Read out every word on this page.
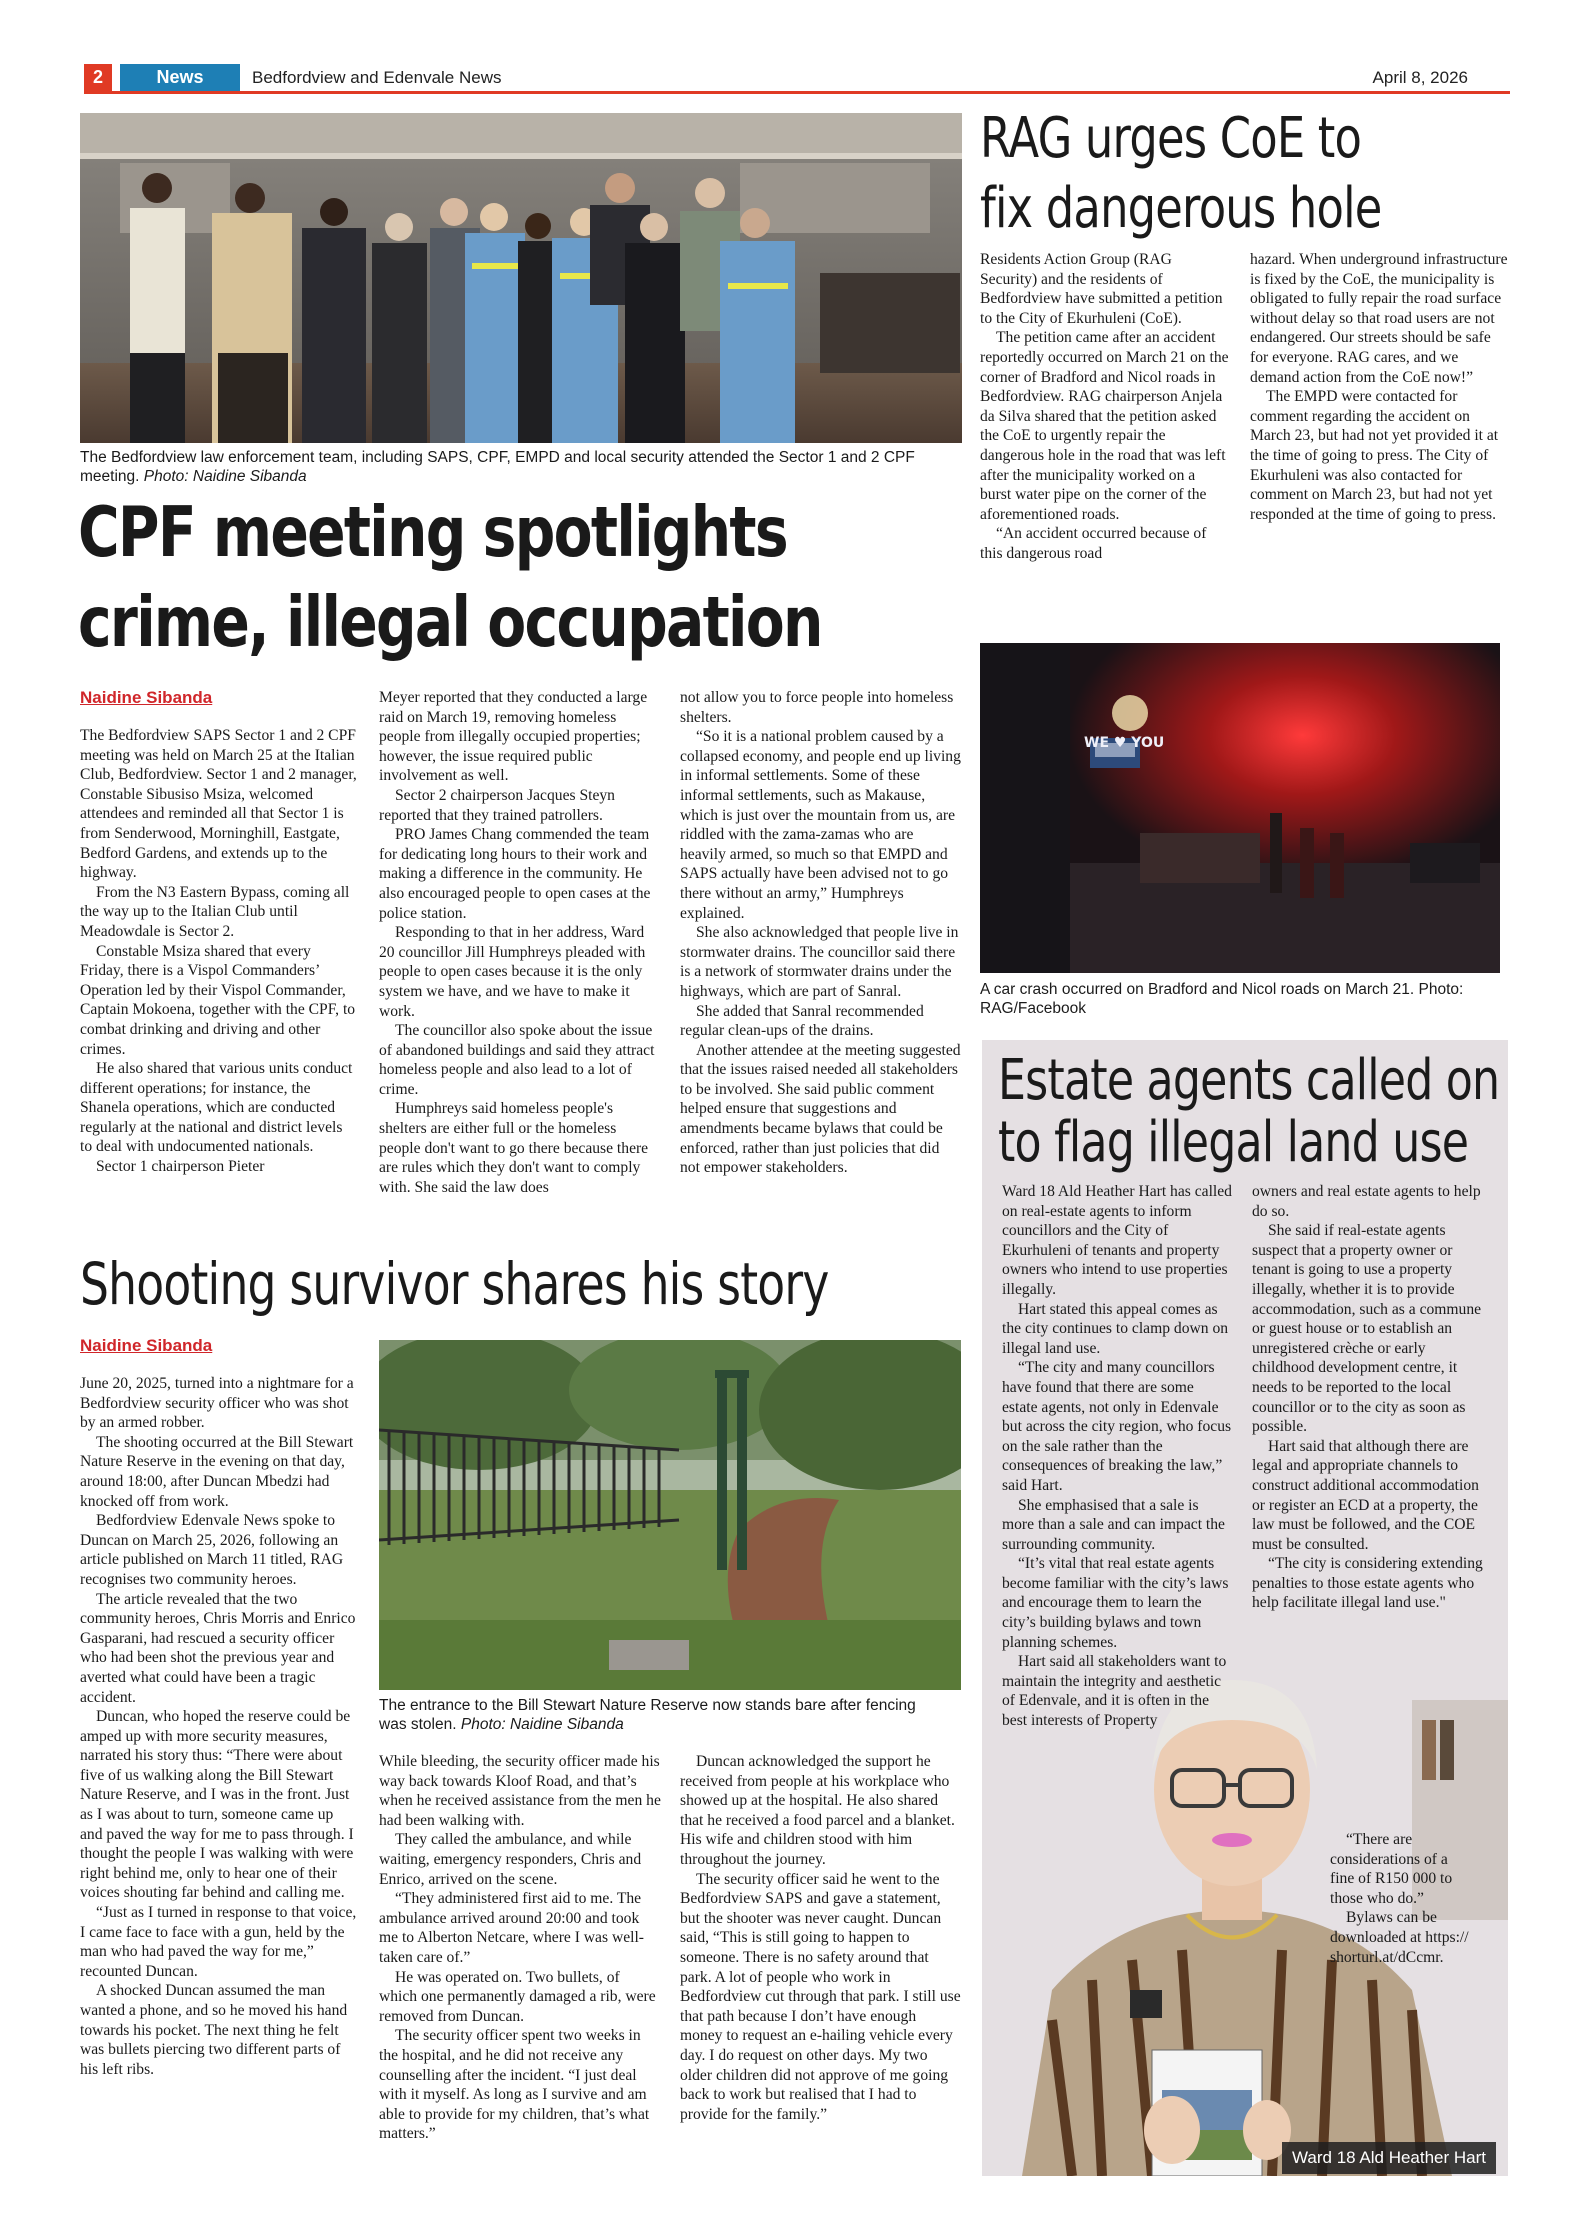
2	News	Bedfordview and Edenvale News	April 8, 2026
The Bedfordview law enforcement team, including SAPS, CPF, EMPD and local security attended the Sector 1 and 2 CPF meeting. Photo: Naidine Sibanda
CPF meeting spotlights
crime, illegal occupation
Naidine Sibanda

The Bedfordview SAPS Sector 1 and 2 CPF meeting was held on March 25 at the Italian Club, Bedfordview. Sector 1 and 2 manager, Constable Sibusiso Msiza, welcomed attendees and reminded all that Sector 1 is from Senderwood, Morninghill, Eastgate, Bedford Gardens, and extends up to the highway.

From the N3 Eastern Bypass, coming all the way up to the Italian Club until Meadowdale is Sector 2.

Constable Msiza shared that every Friday, there is a Vispol Commanders’ Operation led by their Vispol Commander, Captain Mokoena, together with the CPF, to combat drinking and driving and other crimes.

He also shared that various units conduct different operations; for instance, the Shanela operations, which are conducted regularly at the national and district levels to deal with undocumented nationals.

Sector 1 chairperson Pieter

Meyer reported that they conducted a large raid on March 19, removing homeless people from illegally occupied properties; however, the issue required public involvement as well.

Sector 2 chairperson Jacques Steyn reported that they trained patrollers.

PRO James Chang commended the team for dedicating long hours to their work and making a difference in the community. He also encouraged people to open cases at the police station.

Responding to that in her address, Ward 20 councillor Jill Humphreys pleaded with people to open cases because it is the only system we have, and we have to make it work.

The councillor also spoke about the issue of abandoned buildings and said they attract homeless people and also lead to a lot of crime.

Humphreys said homeless people's shelters are either full or the homeless people don't want to go there because there are rules which they don't want to comply with. She said the law does

not allow you to force people into homeless shelters.

“So it is a national problem caused by a collapsed economy, and people end up living in informal settlements. Some of these informal settlements, such as Makause, which is just over the mountain from us, are riddled with the zama-zamas who are heavily armed, so much so that EMPD and SAPS actually have been advised not to go there without an army,” Humphreys explained.

She also acknowledged that people live in stormwater drains. The councillor said there is a network of stormwater drains under the highways, which are part of Sanral.

She added that Sanral recommended regular clean-ups of the drains.

Another attendee at the meeting suggested that the issues raised needed all stakeholders to be involved. She said public comment helped ensure that suggestions and amendments became bylaws that could be enforced, rather than just policies that did not empower stakeholders.

RAG urges CoE to
fix dangerous hole

Residents Action Group (RAG Security) and the residents of Bedfordview have submitted a petition to the City of Ekurhuleni (CoE).

The petition came after an accident reportedly occurred on March 21 on the corner of Bradford and Nicol roads in Bedfordview. RAG chairperson Anjela da Silva shared that the petition asked the CoE to urgently repair the dangerous hole in the road that was left after the municipality worked on a burst water pipe on the corner of the aforementioned roads.

“An accident occurred because of this dangerous road

hazard. When underground infrastructure is fixed by the CoE, the municipality is obligated to fully repair the road surface without delay so that road users are not endangered. Our streets should be safe for everyone. RAG cares, and we demand action from the CoE now!”

The EMPD were contacted for comment regarding the accident on March 23, but had not yet provided it at the time of going to press. The City of Ekurhuleni was also contacted for comment on March 23, but had not yet responded at the time of going to press.

WE ♥ YOU
A car crash occurred on Bradford and Nicol roads on March 21. Photo: RAG/Facebook
Estate agents called on
to flag illegal land use
Ward 18 Ald Heather Hart

Ward 18 Ald Heather Hart has called on real-estate agents to inform councillors and the City of Ekurhuleni of tenants and property owners who intend to use properties illegally.

Hart stated this appeal comes as the city continues to clamp down on illegal land use.

“The city and many councillors have found that there are some estate agents, not only in Edenvale but across the city region, who focus on the sale rather than the consequences of breaking the law,” said Hart.

She emphasised that a sale is more than a sale and can impact the surrounding community.

“It’s vital that real estate agents become familiar with the city’s laws and encourage them to learn the city’s building bylaws and town planning schemes.

Hart said all stakeholders want to maintain the integrity and aesthetic of Edenvale, and it is often in the best interests of Property

owners and real estate agents to help do so.

She said if real-estate agents suspect that a property owner or tenant is going to use a property illegally, whether it is to provide accommodation, such as a commune or guest house or to establish an unregistered crèche or early childhood development centre, it needs to be reported to the local councillor or to the city as soon as possible.

Hart said that although there are legal and appropriate channels to construct additional accommodation or register an ECD at a property, the law must be followed, and the COE must be consulted.

“The city is considering extending penalties to those estate agents who help facilitate illegal land use."

“There are considerations of a fine of R150 000 to those who do.”

Bylaws can be downloaded at https:// shorturl.at/dCcmr.

Shooting survivor shares his story
Naidine Sibanda

June 20, 2025, turned into a nightmare for a Bedfordview security officer who was shot by an armed robber.

The shooting occurred at the Bill Stewart Nature Reserve in the evening on that day, around 18:00, after Duncan Mbedzi had knocked off from work.

Bedfordview Edenvale News spoke to Duncan on March 25, 2026, following an article published on March 11 titled, RAG recognises two community heroes.

The article revealed that the two community heroes, Chris Morris and Enrico Gasparani, had rescued a security officer who had been shot the previous year and averted what could have been a tragic accident.

Duncan, who hoped the reserve could be amped up with more security measures, narrated his story thus: “There were about five of us walking along the Bill Stewart Nature Reserve, and I was in the front. Just as I was about to turn, someone came up and paved the way for me to pass through. I thought the people I was walking with were right behind me, only to hear one of their voices shouting far behind and calling me.

“Just as I turned in response to that voice, I came face to face with a gun, held by the man who had paved the way for me,” recounted Duncan.

A shocked Duncan assumed the man wanted a phone, and so he moved his hand towards his pocket. The next thing he felt was bullets piercing two different parts of his left ribs.

The entrance to the Bill Stewart Nature Reserve now stands bare after fencing was stolen. Photo: Naidine Sibanda

While bleeding, the security officer made his way back towards Kloof Road, and that’s when he received assistance from the men he had been walking with.

They called the ambulance, and while waiting, emergency responders, Chris and Enrico, arrived on the scene.

“They administered first aid to me. The ambulance arrived around 20:00 and took me to Alberton Netcare, where I was well-taken care of.”

He was operated on. Two bullets, of which one permanently damaged a rib, were removed from Duncan.

The security officer spent two weeks in the hospital, and he did not receive any counselling after the incident. “I just deal with it myself. As long as I survive and am able to provide for my children, that’s what matters.”

Duncan acknowledged the support he received from people at his workplace who showed up at the hospital. He also shared that he received a food parcel and a blanket. His wife and children stood with him throughout the journey.

The security officer said he went to the Bedfordview SAPS and gave a statement, but the shooter was never caught. Duncan said, “This is still going to happen to someone. There is no safety around that park. A lot of people who work in Bedfordview cut through that park. I still use that path because I don’t have enough money to request an e-hailing vehicle every day. I do request on other days. My two older children did not approve of me going back to work but realised that I had to provide for the family.”
